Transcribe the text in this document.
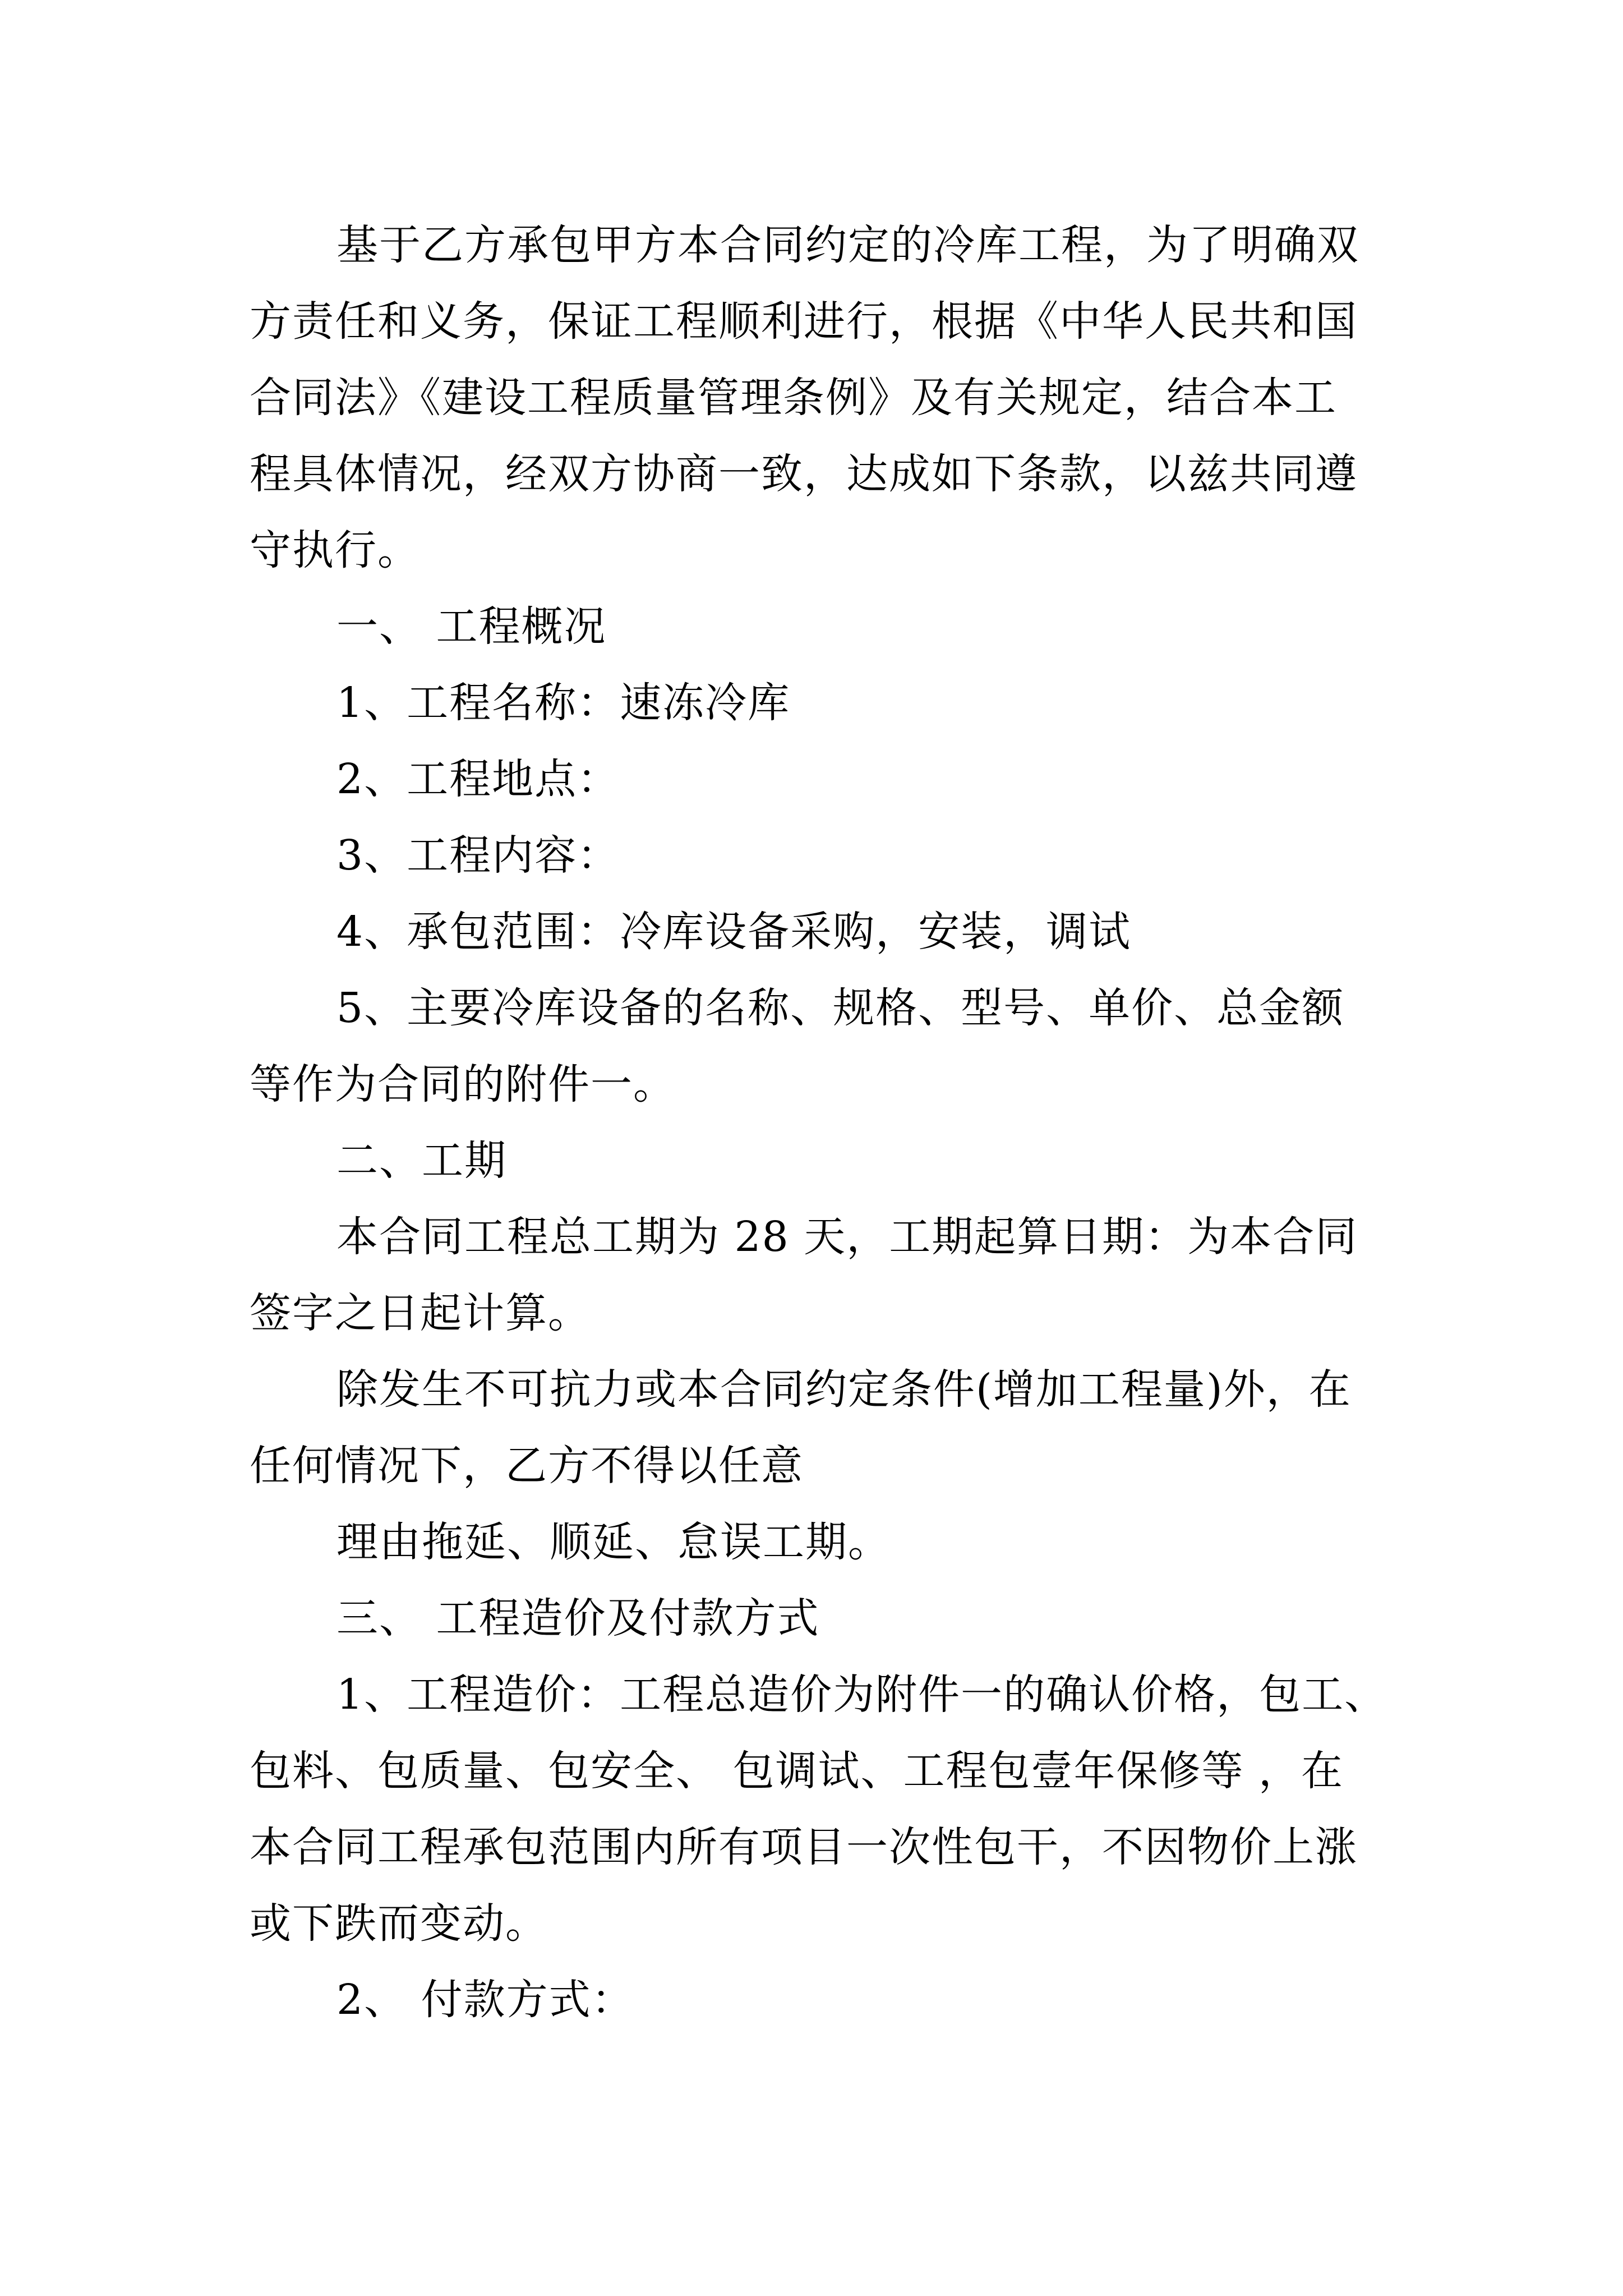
基于乙方承包甲方本合同约定的冷库工程，为了明确双
方责任和义务，保证工程顺利进行，根据《中华人民共和国
合同法》《建设工程质量管理条例》及有关规定，结合本工
程具体情况，经双方协商一致，达成如下条款，以兹共同遵
守执行。
一、 工程概况
1、工程名称：速冻冷库
2、工程地点：
3、工程内容：
4、承包范围：冷库设备采购，安装，调试
5、主要冷库设备的名称、规格、型号、单价、总金额
等作为合同的附件一。
二、工期
本合同工程总工期为 28 天，工期起算日期：为本合同
签字之日起计算。
除发生不可抗力或本合同约定条件(增加工程量)外，在
任何情况下，乙方不得以任意
理由拖延、顺延、怠误工期。
三、 工程造价及付款方式
1、工程造价：工程总造价为附件一的确认价格，包工、
包料、包质量、包安全、 包调试、工程包壹年保修等 ，在
本合同工程承包范围内所有项目一次性包干，不因物价上涨
或下跌而变动。
2、 付款方式：
